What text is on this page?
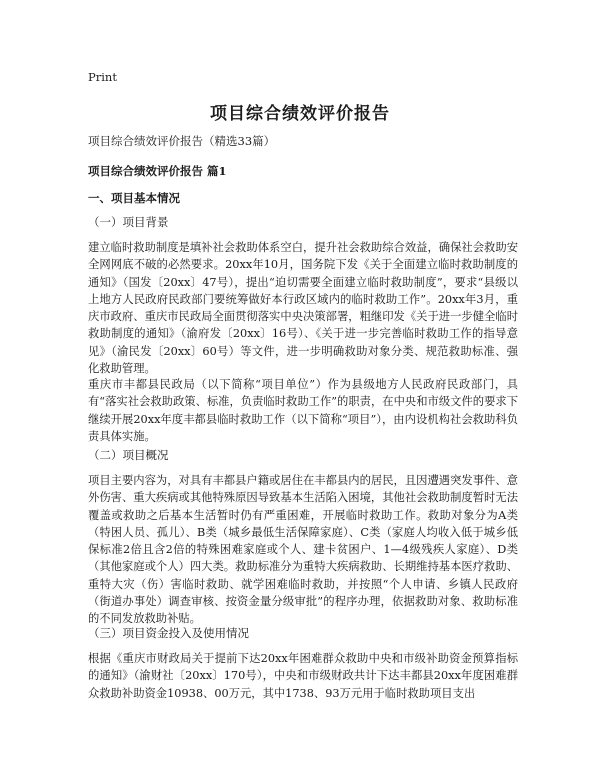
Print
项目综合绩效评价报告
项目综合绩效评价报告（精选33篇）
项目综合绩效评价报告 篇1
一、项目基本情况
（一）项目背景

建立临时救助制度是填补社会救助体系空白，提升社会救助综合效益，确保社会救助安全网网底不破的必然要求。20xx年10月，国务院下发《关于全面建立临时救助制度的通知》（国发〔20xx〕47号），提出“迫切需要全面建立临时救助制度”，要求“县级以上地方人民政府民政部门要统筹做好本行政区域内的临时救助工作”。20xx年3月，重庆市政府、重庆市民政局全面贯彻落实中央决策部署，粗继印发《关于进一步健全临时救助制度的通知》（渝府发〔20xx〕16号）、《关于进一步完善临时救助工作的指导意见》（渝民发〔20xx〕60号）等文件，进一步明确救助对象分类、规范救助标准、强化救助管理。

重庆市丰都县民政局（以下简称“项目单位”）作为县级地方人民政府民政部门，具有“落实社会救助政策、标准，负责临时救助工作”的职责，在中央和市级文件的要求下继续开展20xx年度丰都县临时救助工作（以下简称“项目”），由内设机构社会救助科负责具体实施。

（二）项目概况

项目主要内容为，对具有丰都县户籍或居住在丰都县内的居民，且因遭遇突发事件、意外伤害、重大疾病或其他特殊原因导致基本生活陷入困境，其他社会救助制度暂时无法覆盖或救助之后基本生活暂时仍有严重困难，开展临时救助工作。救助对象分为A类（特困人员、孤儿）、B类（城乡最低生活保障家庭）、C类（家庭人均收入低于城乡低保标准2倍且含2倍的特殊困难家庭或个人、建卡贫困户、1—4级残疾人家庭）、D类（其他家庭或个人）四大类。救助标准分为重特大疾病救助、长期维持基本医疗救助、重特大灾（伤）害临时救助、就学困难临时救助，并按照“个人申请、乡镇人民政府（街道办事处）调查审核、按资金量分级审批”的程序办理，依据救助对象、救助标准的不同发放救助补贴。

（三）项目资金投入及使用情况

根据《重庆市财政局关于提前下达20xx年困难群众救助中央和市级补助资金预算指标的通知》（渝财社〔20xx〕170号），中央和市级财政共计下达丰都县20xx年度困难群众救助补助资金10938、00万元，其中1738、93万元用于临时救助项目支出
